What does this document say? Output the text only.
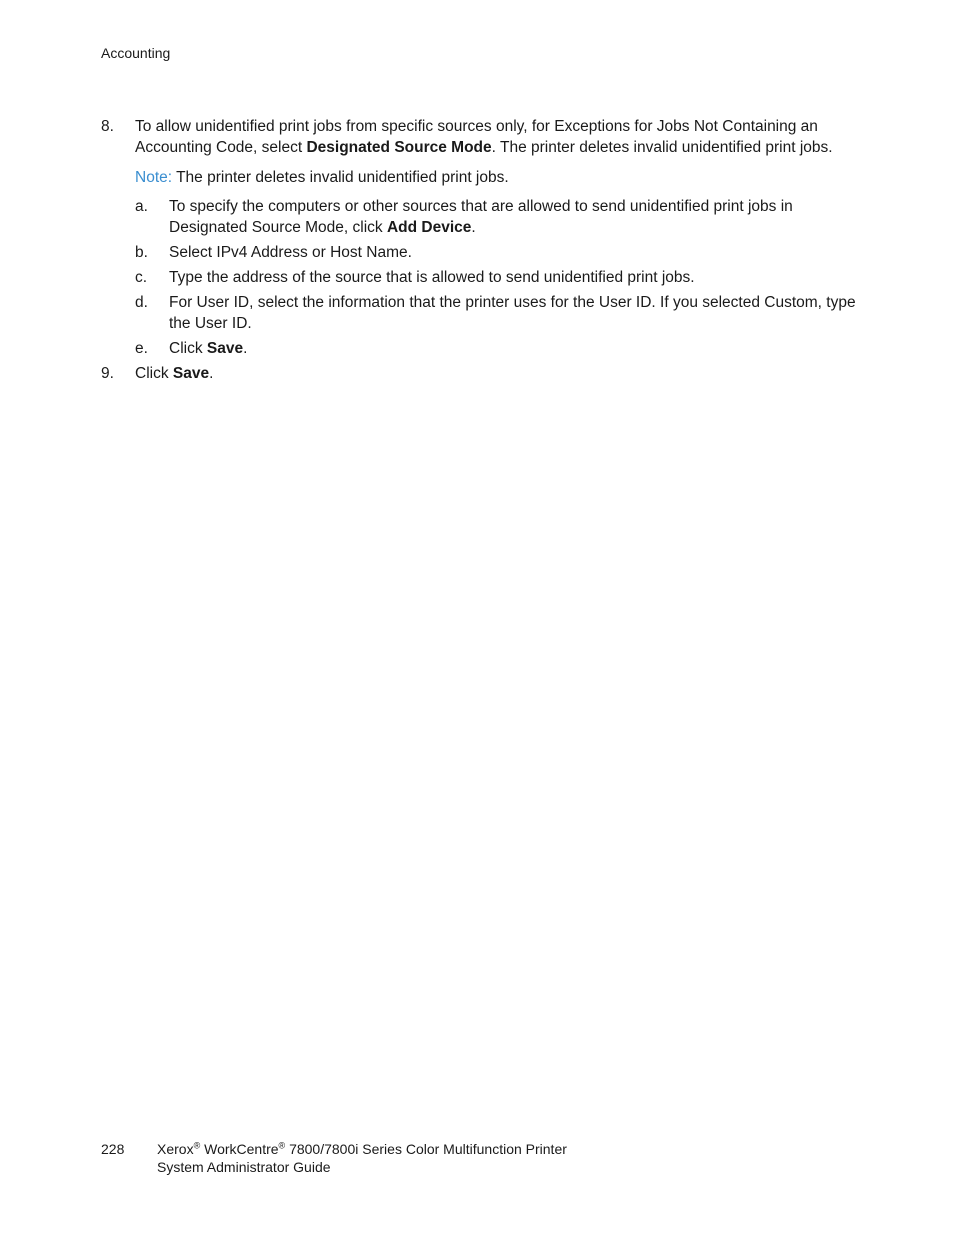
Accounting
8. To allow unidentified print jobs from specific sources only, for Exceptions for Jobs Not Containing an Accounting Code, select Designated Source Mode. The printer deletes invalid unidentified print jobs.

Note: The printer deletes invalid unidentified print jobs.

a. To specify the computers or other sources that are allowed to send unidentified print jobs in Designated Source Mode, click Add Device.
b. Select IPv4 Address or Host Name.
c. Type the address of the source that is allowed to send unidentified print jobs.
d. For User ID, select the information that the printer uses for the User ID. If you selected Custom, type the User ID.
e. Click Save.
9. Click Save.
228 Xerox® WorkCentre® 7800/7800i Series Color Multifunction Printer
System Administrator Guide
